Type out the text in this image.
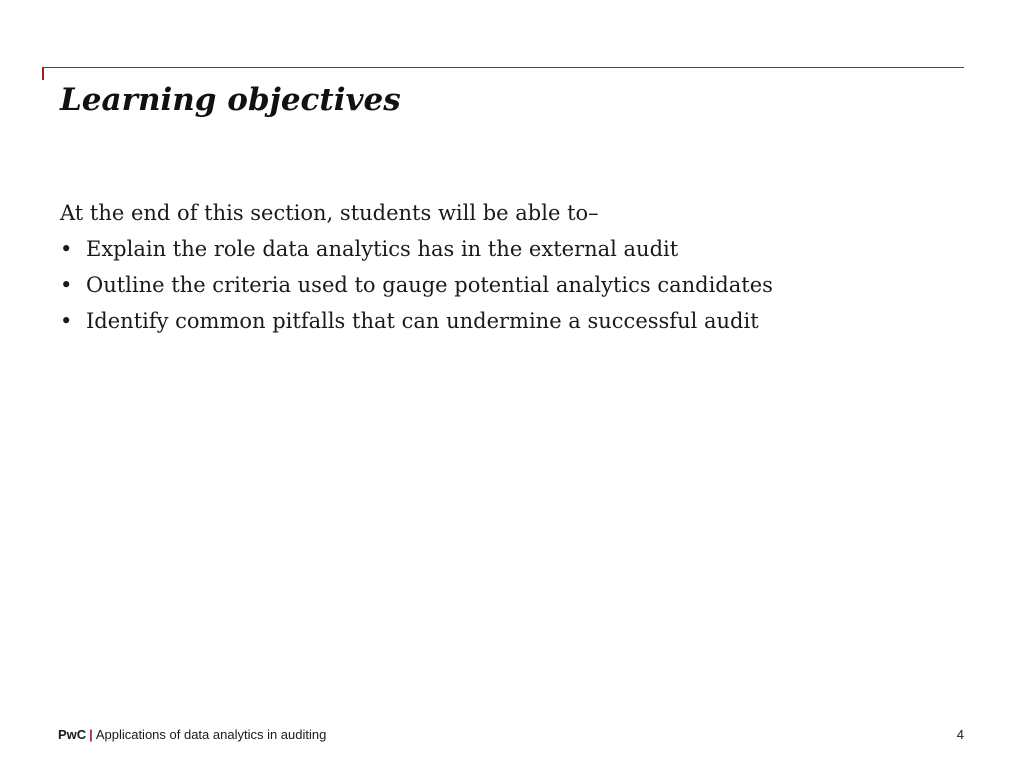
Learning objectives

At the end of this section, students will be able to–

• Explain the role data analytics has in the external audit
• Outline the criteria used to gauge potential analytics candidates
• Identify common pitfalls that can undermine a successful audit
PwC | Applications of data analytics in auditing	4
